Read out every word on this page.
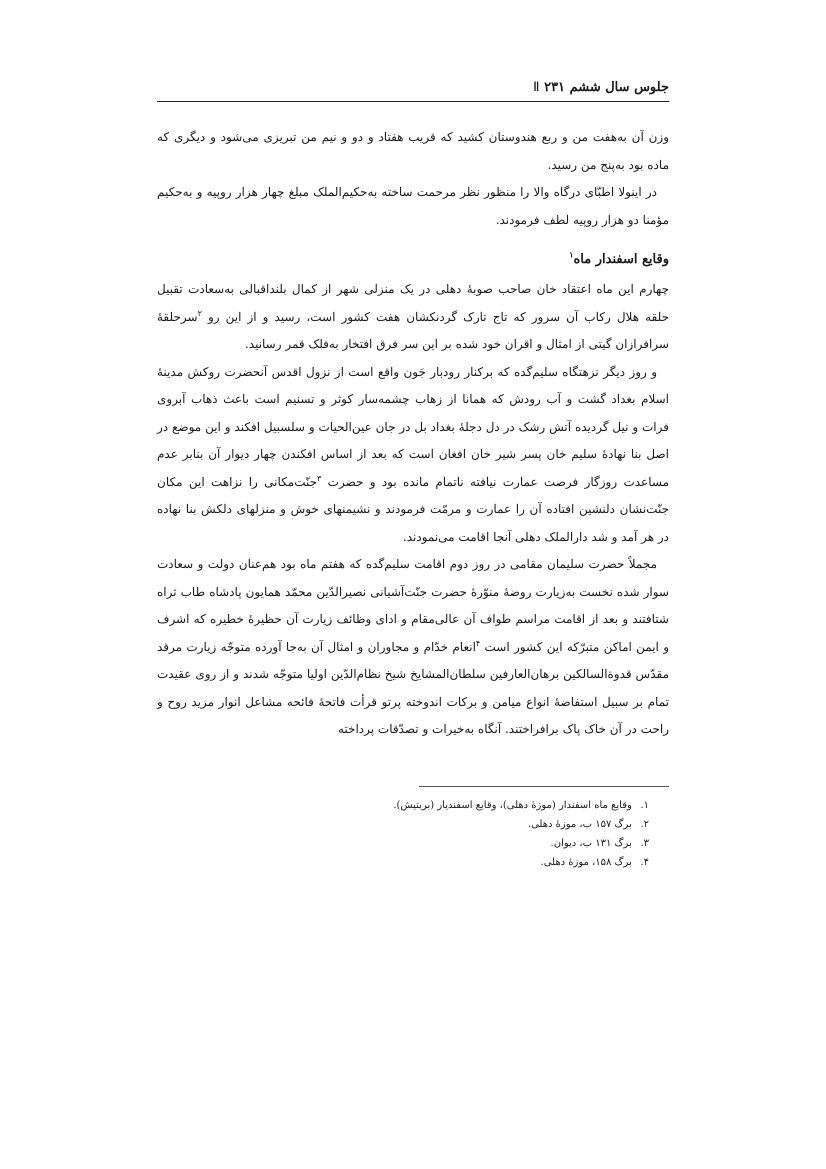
جلوس سال ششم ǁ ۲۳۱

وزن آن به‌هفت من و ربع هندوستان کشید که قریب هفتاد و دو و نیم من تبریزی می‌شود و دیگری که ماده بود به‌پنج من رسید.

در اینولا اطبّای درگاه والا را منظور نظر مرحمت ساخته به‌حکیم‌الملک مبلغ چهار هزار روپیه و به‌حکیم مؤمنا دو هزار روپیه لطف فرمودند.

وقایع اسفندار ماه$^۱$

چهارم این ماه اعتقاد خان صاحب صوبهٔ دهلی در یک منزلی شهر از کمال بلنداقبالی به‌سعادت تقبیل حلقه هلال رکاب آن سرور که تاج تارک گردنکشان هفت کشور است، رسید و از این رو $^۲$سرحلقهٔ سرافرازان گیتی از امثال و اقران خود شده بر این سر فرق افتخار به‌فلک قمر رسانید.

و روز دیگر نزهتگاه سلیم‌گده که برکنار رودبار جَون واقع است از نزول اقدس آنحضرت روکش مدینهٔ اسلام بغداد گشت و آب رودش که همانا از زهاب چشمه‌سار کوثر و تسنیم است باعث ذهاب آبروی فرات و نیل گردیده آتش رشک در دل دجلهٔ بغداد بل در جان عین‌الحیات و سلسبیل افکند و این موضع در اصل بنا نهادهٔ سلیم خان پسر شیر خان افغان است که بعد از اساس افکندن چهار دیوار آن بنابر عدم مساعدت روزگار فرصت عمارت نیافته ناتمام مانده بود و حضرت $^۳$جنّت‌مکانی را نزاهت این مکان جنّت‌نشان دلنشین افتاده آن را عمارت و مرمّت فرمودند و نشیمنهای خوش و منزلهای دلکش بنا نهاده در هر آمد و شد دارالملک دهلی آنجا اقامت می‌نمودند.

مجملاً حضرت سلیمان مقامی در روز دوم اقامت سلیم‌گده که هفتم ماه بود هم‌عنان دولت و سعادت سوار شده نخست به‌زیارت روضهٔ منوّرهٔ حضرت جنّت‌آشیانی نصیرالدّین محمّد همایون پادشاه طاب ثراه شتافتند و بعد از اقامت مراسم طواف آن عالی‌مقام و ادای وظائف زیارت آن حظیرهٔ خطیره که اشرف و ایمن اماکن متبرّکه این کشور است $^۴$انعام خدّام و مجاوران و امثال آن به‌جا آورده متوجّه زیارت مرقد مقدّس قدوةالسالکین برهان‌العارفین سلطان‌المشایخ شیخ نظام‌الدّین اولیا متوجّه شدند و از روی عقیدت تمام بر سبیل استفاضهٔ انواع میامن و برکات اندوخته پرتو قرأت فاتحهٔ فائحه مشاعل انوار مزید روح و راحت در آن خاک پاک برافراختند. آنگاه به‌خیرات و تصدّقات پرداخته

۱. وقایع ماه اسفندار (موزهٔ دهلی)، وقایع اسفندیار (بریتیش).
۲. برگ ۱۵۷ ب، موزهٔ دهلی.
۳. برگ ۱۳۱ ب، دیوان.
۴. برگ ۱۵۸، موزهٔ دهلی.
